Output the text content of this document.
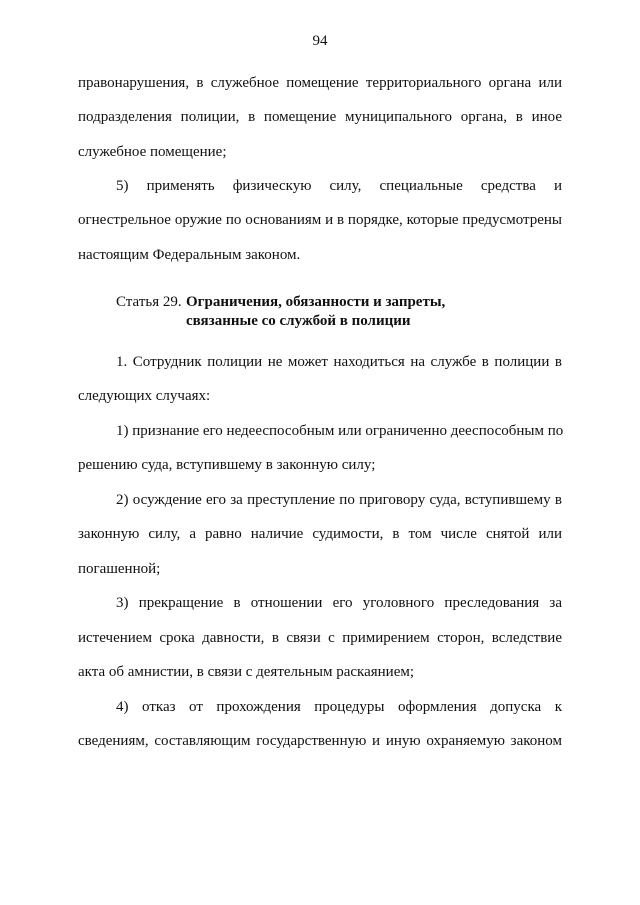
94
правонарушения, в служебное помещение территориального органа или
подразделения полиции, в помещение муниципального органа, в иное
служебное помещение;
5) применять физическую силу, специальные средства и
огнестрельное оружие по основаниям и в порядке, которые предусмотрены
настоящим Федеральным законом.
Статья 29. Ограничения, обязанности и запреты,
связанные со службой в полиции
1. Сотрудник полиции не может находиться на службе в полиции в
следующих случаях:
1) признание его недееспособным или ограниченно дееспособным по
решению суда, вступившему в законную силу;
2) осуждение его за преступление по приговору суда, вступившему в
законную силу, а равно наличие судимости, в том числе снятой или
погашенной;
3) прекращение в отношении его уголовного преследования за
истечением срока давности, в связи с примирением сторон, вследствие
акта об амнистии, в связи с деятельным раскаянием;
4) отказ от прохождения процедуры оформления допуска к
сведениям, составляющим государственную и иную охраняемую законом
